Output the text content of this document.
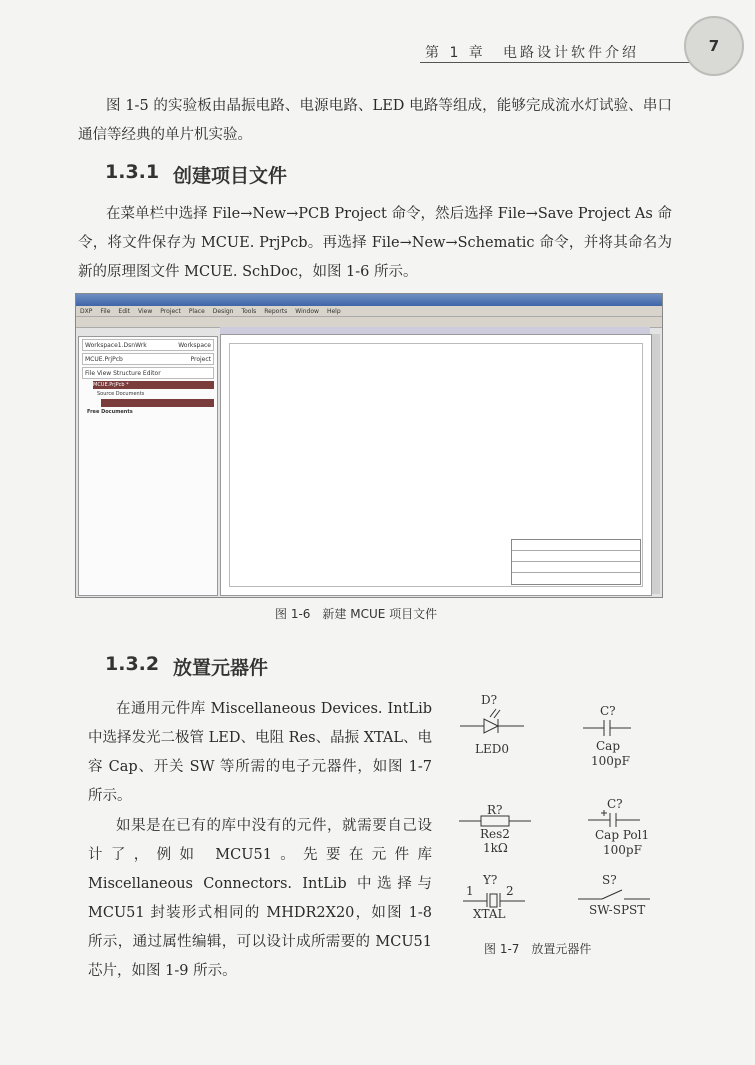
第 1 章 电路设计软件介绍	7
图 1-5 的实验板由晶振电路、电源电路、LED 电路等组成，能够完成流水灯试验、串口通信等经典的单片机实验。
1.3.1 创建项目文件
在菜单栏中选择 File→New→PCB Project 命令，然后选择 File→Save Project As 命令，将文件保存为 MCUE. PrjPcb。再选择 File→New→Schematic 命令，并将其命名为新的原理图文件 MCUE. SchDoc，如图 1-6 所示。
DXP File Edit View Project Place Design Tools Reports Window Help
Workspace1.DsnWrk	Workspace
MCUE.PrjPcb	Project
File View Structure Editor
MCUE.PrjPcb *
Source Documents
Free Documents
图 1-6　新建 MCUE 项目文件
1.3.2 放置元器件
在通用元件库 Miscellaneous Devices. IntLib 中选择发光二极管 LED、电阻 Res、晶振 XTAL、电容 Cap、开关 SW 等所需的电子元器件，如图 1-7 所示。
如果是在已有的库中没有的元件，就需要自己设计了，例如 MCU51。先要在元件库 Miscellaneous Connectors. IntLib 中选择与 MCU51 封装形式相同的 MHDR2X20，如图 1-8 所示，通过属性编辑，可以设计成所需要的 MCU51 芯片，如图 1-9 所示。
D?
LED0
C?
Cap
100pF
R?
Res2
1kΩ
C?
Cap Pol1
100pF
Y?
1	2
XTAL
S?
SW-SPST
图 1-7　放置元器件
